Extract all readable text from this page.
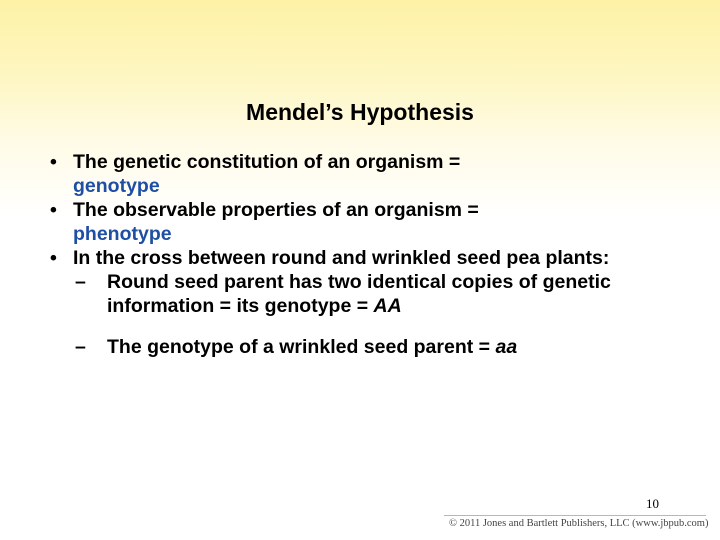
Mendel’s Hypothesis
• The genetic constitution of an organism =
genotype
• The observable properties of an organism =
phenotype
• In the cross between round and wrinkled seed pea plants:
– Round seed parent has two identical copies of genetic information = its genotype = AA
– The genotype of a wrinkled seed parent = aa
10
© 2011 Jones and Bartlett Publishers, LLC (www.jbpub.com)
